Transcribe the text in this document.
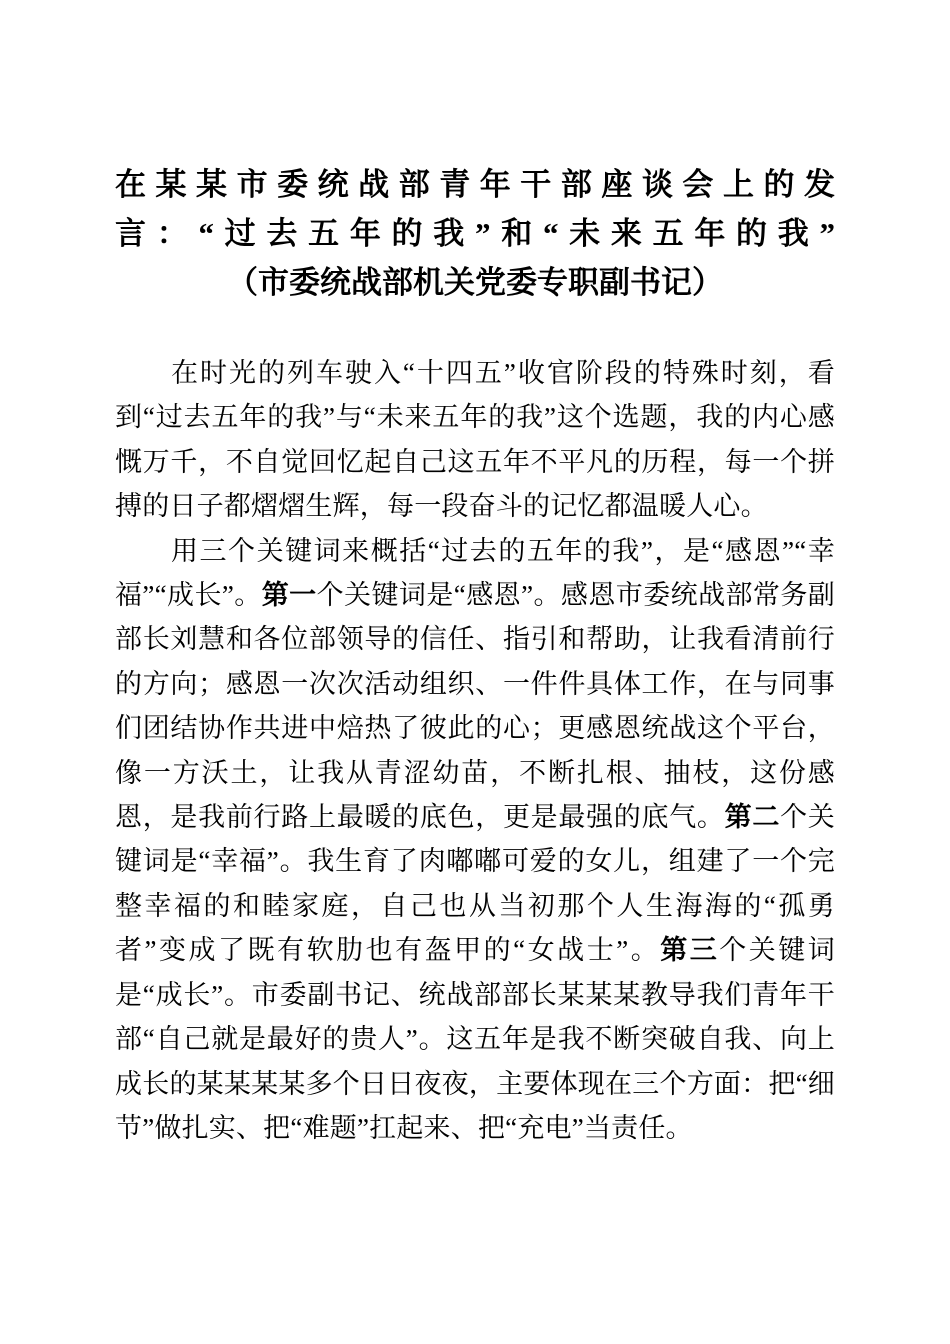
在某某市委统战部青年干部座谈会上的发
言：“过去五年的我”和“未来五年的我”
（市委统战部机关党委专职副书记）

在时光的列车驶入“十四五”收官阶段的特殊时刻，看到“过去五年的我”与“未来五年的我”这个选题，我的内心感慨万千，不自觉回忆起自己这五年不平凡的历程，每一个拼搏的日子都熠熠生辉，每一段奋斗的记忆都温暖人心。

用三个关键词来概括“过去的五年的我”，是“感恩”“幸福”“成长”。第一个关键词是“感恩”。感恩市委统战部常务副部长刘慧和各位部领导的信任、指引和帮助，让我看清前行的方向；感恩一次次活动组织、一件件具体工作，在与同事们团结协作共进中焙热了彼此的心；更感恩统战这个平台，像一方沃土，让我从青涩幼苗，不断扎根、抽枝，这份感恩，是我前行路上最暖的底色，更是最强的底气。第二个关键词是“幸福”。我生育了肉嘟嘟可爱的女儿，组建了一个完整幸福的和睦家庭，自己也从当初那个人生海海的“孤勇者”变成了既有软肋也有盔甲的“女战士”。第三个关键词是“成长”。市委副书记、统战部部长某某某教导我们青年干部“自己就是最好的贵人”。这五年是我不断突破自我、向上成长的某某某某多个日日夜夜，主要体现在三个方面：把“细节”做扎实、把“难题”扛起来、把“充电”当责任。
